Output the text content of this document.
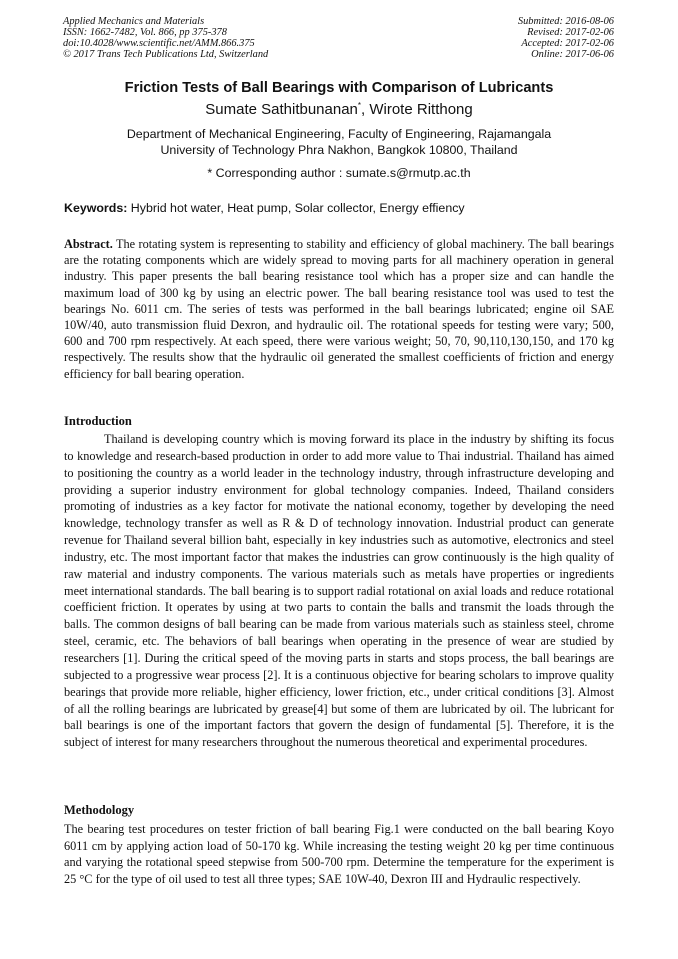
Applied Mechanics and Materials
ISSN: 1662-7482, Vol. 866, pp 375-378
doi:10.4028/www.scientific.net/AMM.866.375
© 2017 Trans Tech Publications Ltd, Switzerland
Submitted: 2016-08-06
Revised: 2017-02-06
Accepted: 2017-02-06
Online: 2017-06-06
Friction Tests of Ball Bearings with Comparison of Lubricants
Sumate Sathitbunanan*, Wirote Ritthong
Department of Mechanical Engineering, Faculty of Engineering, Rajamangala
University of Technology Phra Nakhon, Bangkok 10800, Thailand
* Corresponding author : sumate.s@rmutp.ac.th
Keywords: Hybrid hot water, Heat pump, Solar collector, Energy effiency
Abstract. The rotating system is representing to stability and efficiency of global machinery. The ball bearings are the rotating components which are widely spread to moving parts for all machinery operation in general industry. This paper presents the ball bearing resistance tool which has a proper size and can handle the maximum load of 300 kg by using an electric power. The ball bearing resistance tool was used to test the bearings No. 6011 cm. The series of tests was performed in the ball bearings lubricated; engine oil SAE 10W/40, auto transmission fluid Dexron, and hydraulic oil. The rotational speeds for testing were vary; 500, 600 and 700 rpm respectively. At each speed, there were various weight; 50, 70, 90,110,130,150, and 170 kg respectively. The results show that the hydraulic oil generated the smallest coefficients of friction and energy efficiency for ball bearing operation.
Introduction
Thailand is developing country which is moving forward its place in the industry by shifting its focus to knowledge and research-based production in order to add more value to Thai industrial. Thailand has aimed to positioning the country as a world leader in the technology industry, through infrastructure developing and providing a superior industry environment for global technology companies. Indeed, Thailand considers promoting of industries as a key factor for motivate the national economy, together by developing the need knowledge, technology transfer as well as R & D of technology innovation. Industrial product can generate revenue for Thailand several billion baht, especially in key industries such as automotive, electronics and steel industry, etc. The most important factor that makes the industries can grow continuously is the high quality of raw material and industry components. The various materials such as metals have properties or ingredients meet international standards. The ball bearing is to support radial rotational on axial loads and reduce rotational coefficient friction. It operates by using at two parts to contain the balls and transmit the loads through the balls. The common designs of ball bearing can be made from various materials such as stainless steel, chrome steel, ceramic, etc. The behaviors of ball bearings when operating in the presence of wear are studied by researchers [1]. During the critical speed of the moving parts in starts and stops process, the ball bearings are subjected to a progressive wear process [2]. It is a continuous objective for bearing scholars to improve quality bearings that provide more reliable, higher efficiency, lower friction, etc., under critical conditions [3]. Almost of all the rolling bearings are lubricated by grease[4] but some of them are lubricated by oil. The lubricant for ball bearings is one of the important factors that govern the design of fundamental [5]. Therefore, it is the subject of interest for many researchers throughout the numerous theoretical and experimental procedures.
Methodology
The bearing test procedures on tester friction of ball bearing Fig.1 were conducted on the ball bearing Koyo 6011 cm by applying action load of 50-170 kg. While increasing the testing weight 20 kg per time continuous and varying the rotational speed stepwise from 500-700 rpm. Determine the temperature for the experiment is 25 °C for the type of oil used to test all three types; SAE 10W-40, Dexron III and Hydraulic respectively.
